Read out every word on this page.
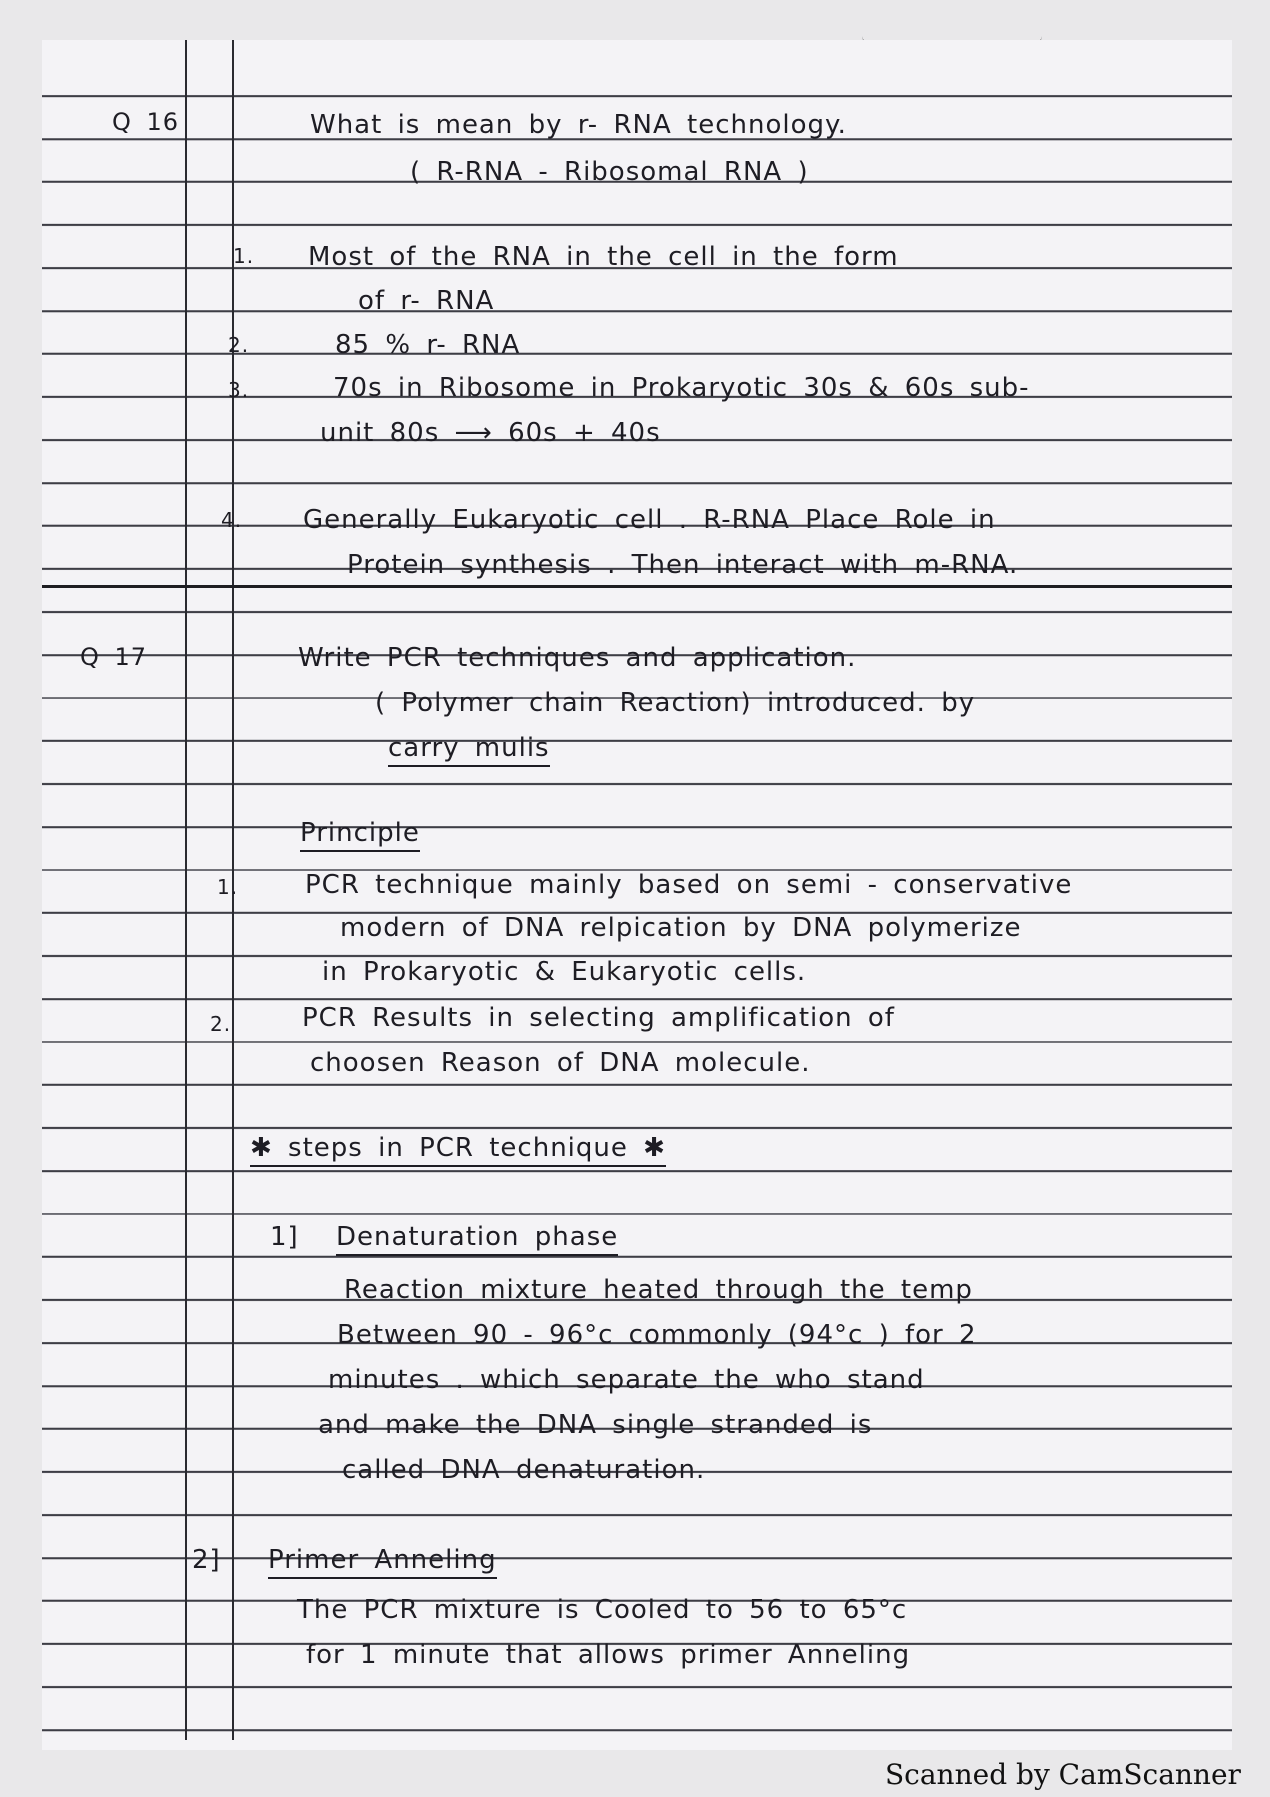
Q 16	What is mean by r- RNA technology.
( R-RNA - Ribosomal RNA )
1. Most of the RNA in the cell in the form
of r- RNA
2.	85 % r- RNA
3.	70s in Ribosome in Prokaryotic 30s & 60s sub-
unit 80s ⟶ 60s + 40s
4. Generally Eukaryotic cell . R-RNA Place Role in
Protein synthesis . Then interact with m-RNA.
Q 17	Write PCR techniques and application.
( Polymer chain Reaction) introduced. by
carry mulis
Principle
1.	PCR technique mainly based on semi - conservative
modern of DNA relpication by DNA polymerize
in Prokaryotic & Eukaryotic cells.
2.	PCR Results in selecting amplification of
choosen Reason of DNA molecule.
✱ steps in PCR technique ✱
1] Denaturation phase
Reaction mixture heated through the temp
Between 90 - 96°c commonly (94°c ) for 2
minutes . which separate the who stand
and make the DNA single stranded is
called DNA denaturation.
2] Primer Anneling
The PCR mixture is Cooled to 56 to 65°c
for 1 minute that allows primer Anneling
Scanned by CamScanner
